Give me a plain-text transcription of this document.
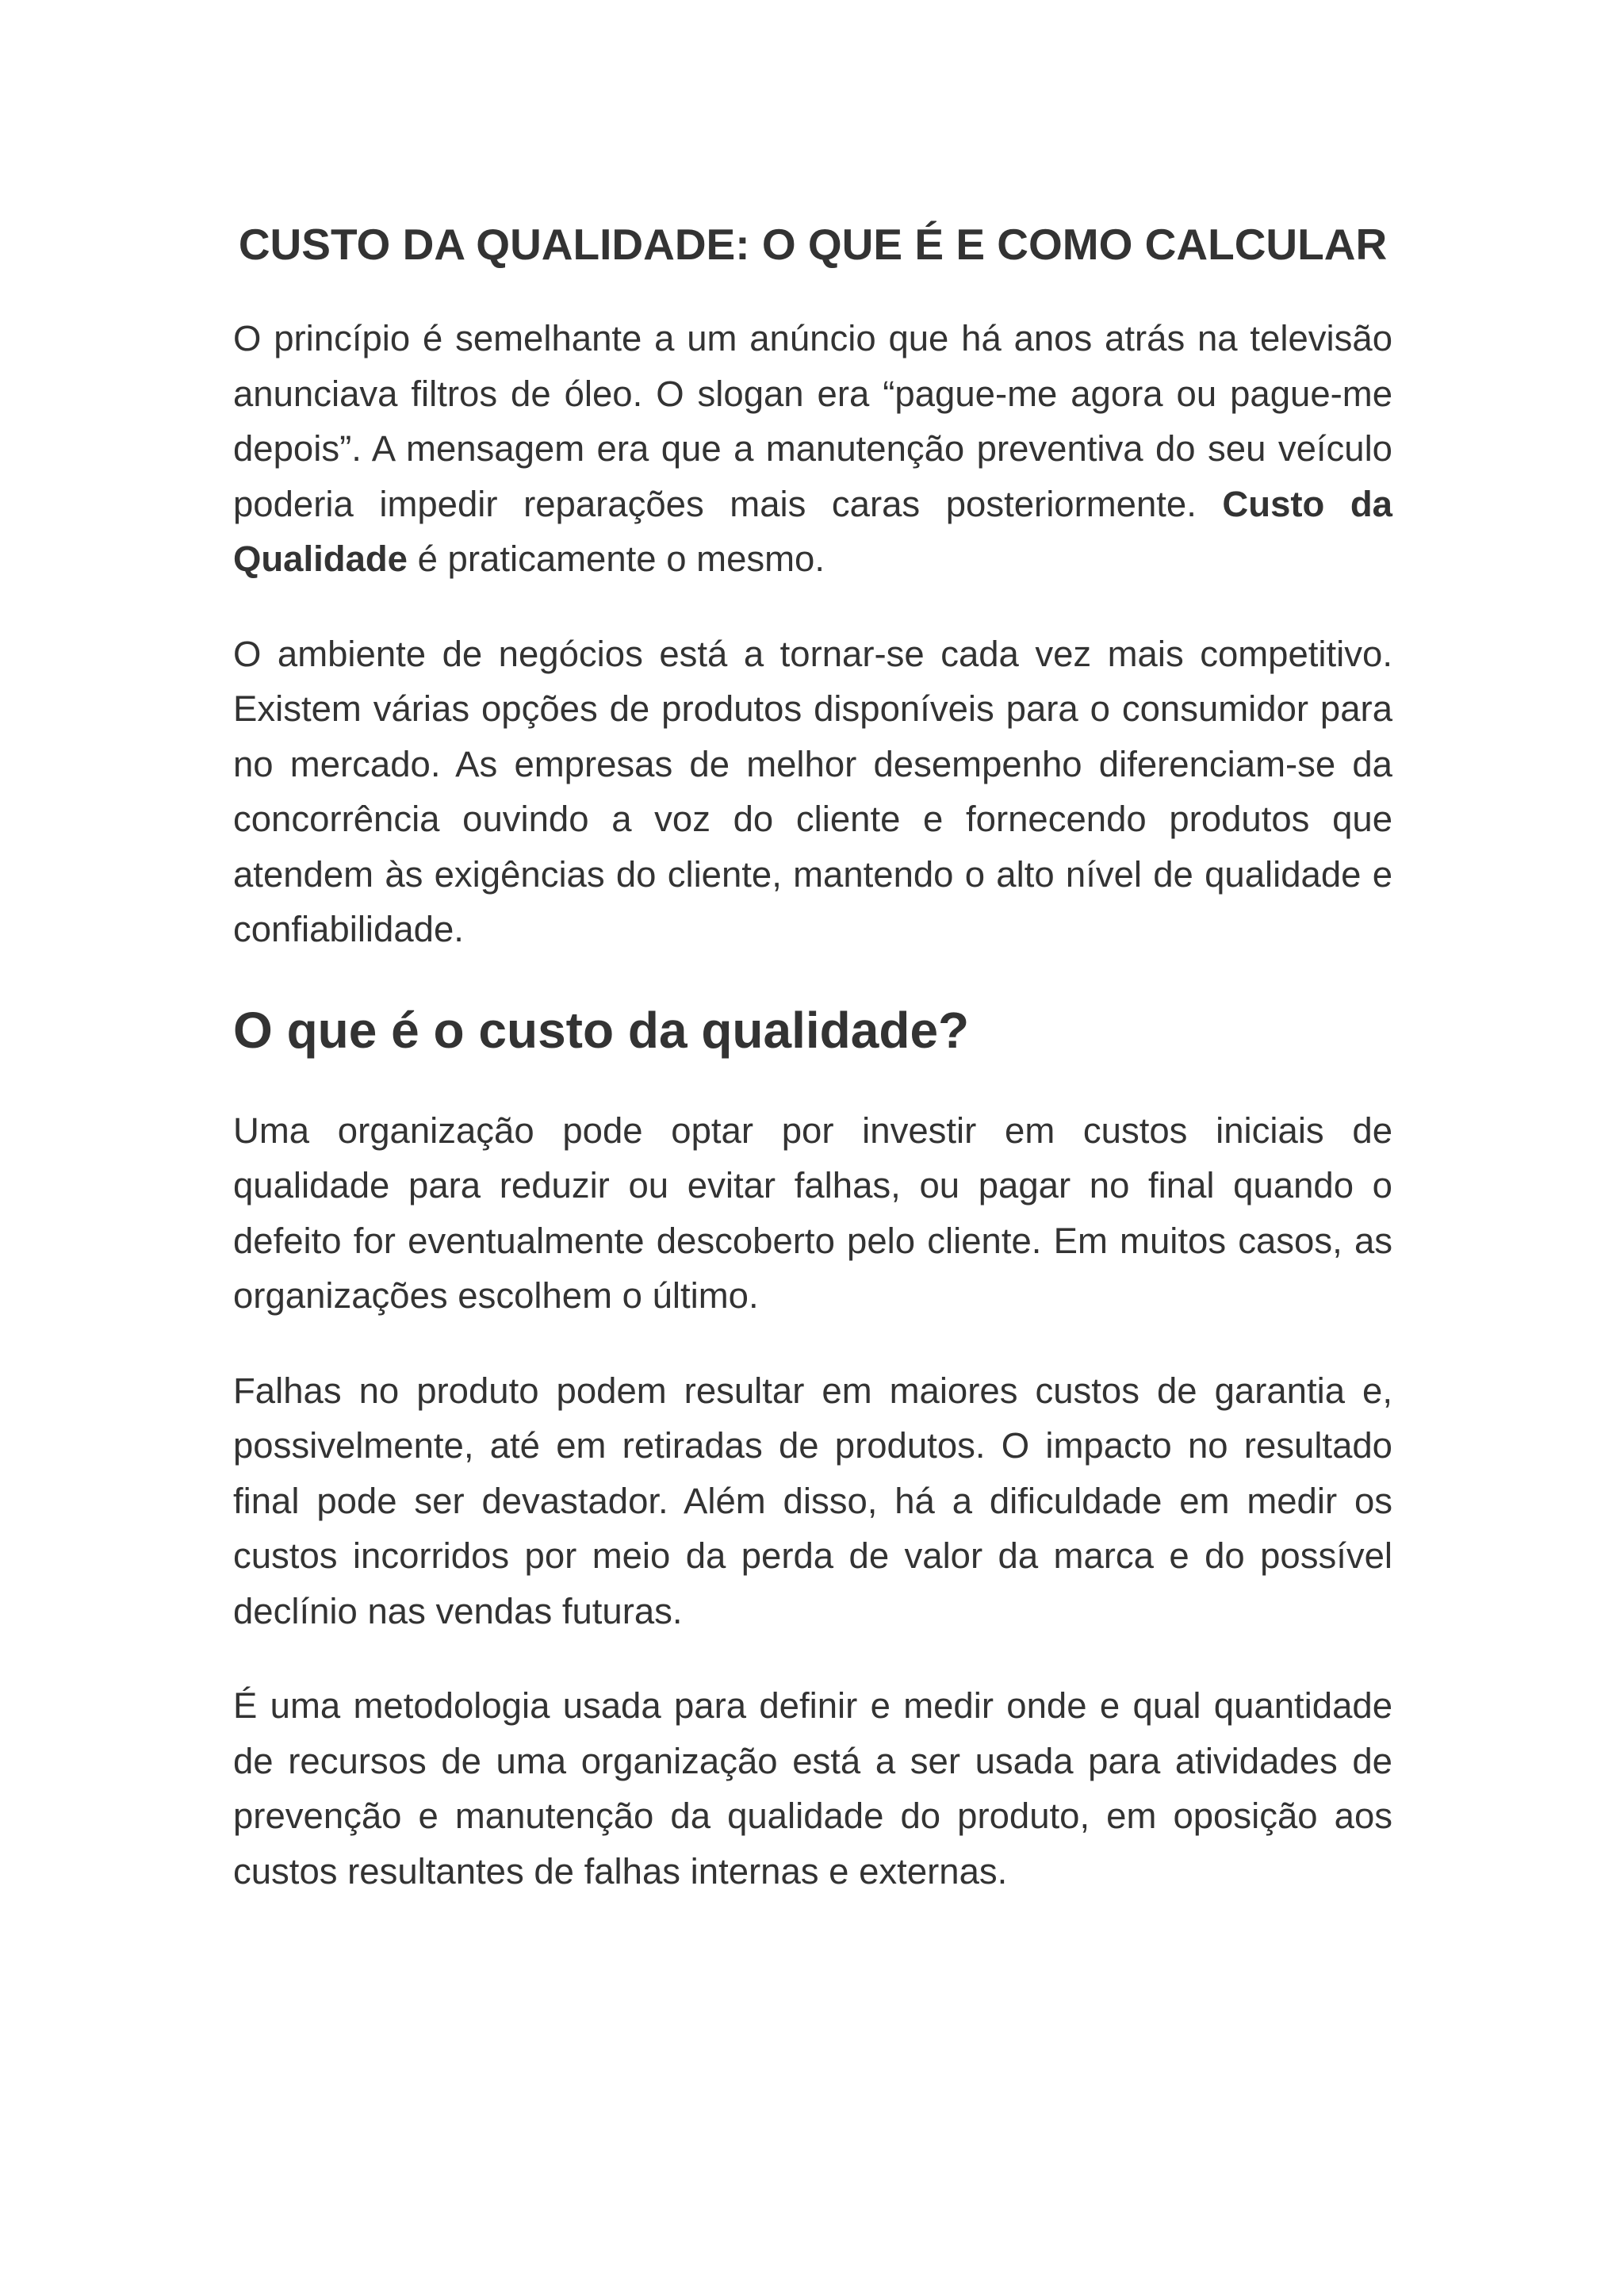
CUSTO DA QUALIDADE: O QUE É E COMO CALCULAR

O princípio é semelhante a um anúncio que há anos atrás na televisão anunciava filtros de óleo. O slogan era “pague-me agora ou pague-me depois”. A mensagem era que a manutenção preventiva do seu veículo poderia impedir reparações mais caras posteriormente. Custo da Qualidade é praticamente o mesmo.

O ambiente de negócios está a tornar-se cada vez mais competitivo. Existem várias opções de produtos disponíveis para o consumidor para no mercado. As empresas de melhor desempenho diferenciam-se da concorrência ouvindo a voz do cliente e fornecendo produtos que atendem às exigências do cliente, mantendo o alto nível de qualidade e confiabilidade.

O que é o custo da qualidade?

Uma organização pode optar por investir em custos iniciais de qualidade para reduzir ou evitar falhas, ou pagar no final quando o defeito for eventualmente descoberto pelo cliente. Em muitos casos, as organizações escolhem o último.

Falhas no produto podem resultar em maiores custos de garantia e, possivelmente, até em retiradas de produtos. O impacto no resultado final pode ser devastador. Além disso, há a dificuldade em medir os custos incorridos por meio da perda de valor da marca e do possível declínio nas vendas futuras.

É uma metodologia usada para definir e medir onde e qual quantidade de recursos de uma organização está a ser usada para atividades de prevenção e manutenção da qualidade do produto, em oposição aos custos resultantes de falhas internas e externas.
